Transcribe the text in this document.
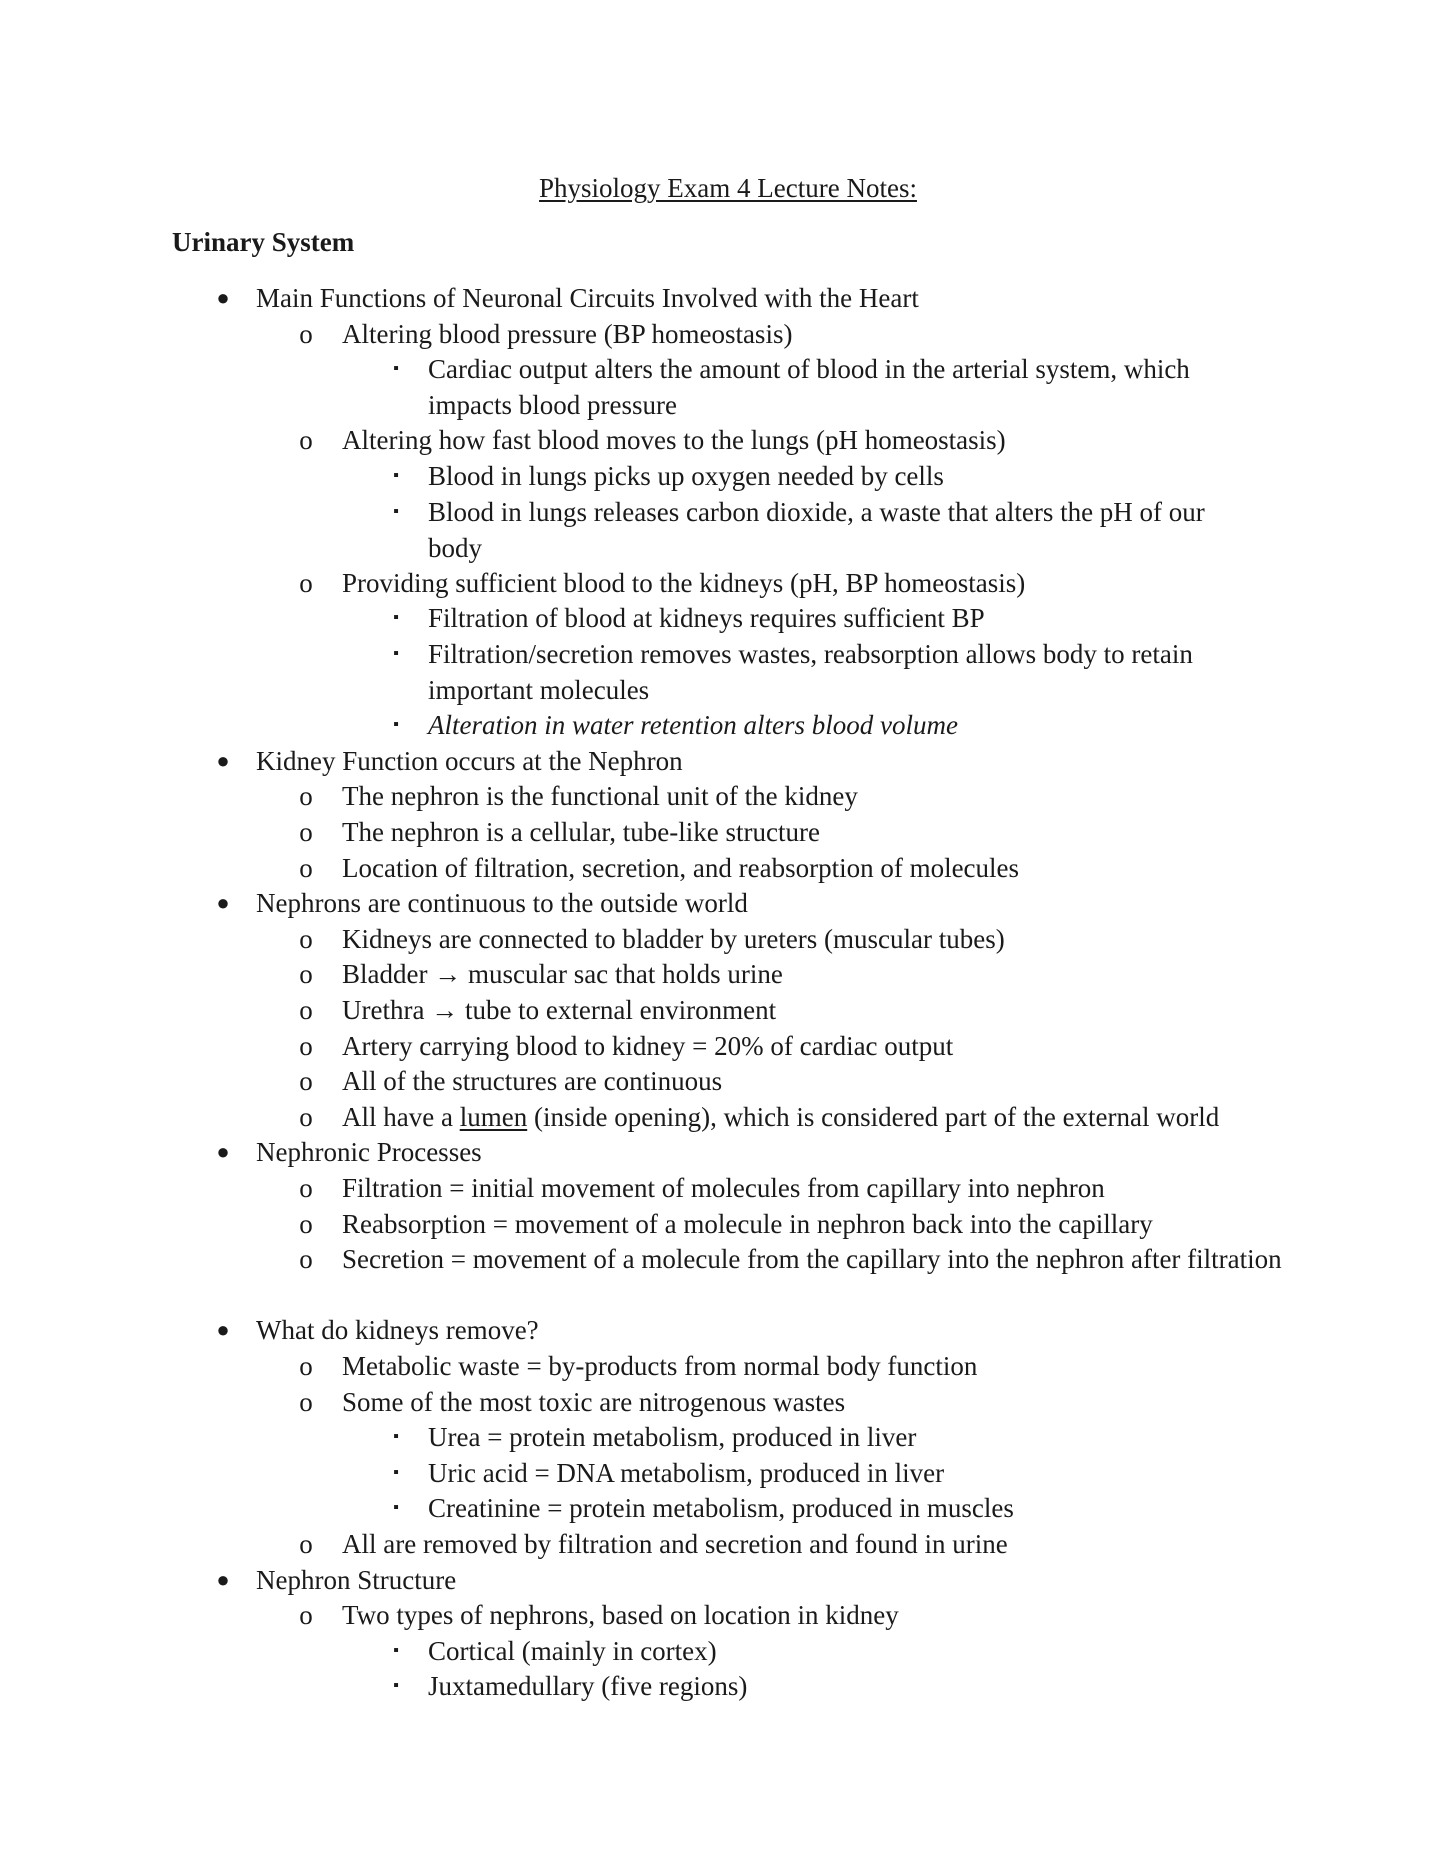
Physiology Exam 4 Lecture Notes:
Urinary System
● Main Functions of Neuronal Circuits Involved with the Heart
o	Altering blood pressure (BP homeostasis)
▪	Cardiac output alters the amount of blood in the arterial system, which impacts blood pressure
o	Altering how fast blood moves to the lungs (pH homeostasis)
▪	Blood in lungs picks up oxygen needed by cells
▪	Blood in lungs releases carbon dioxide, a waste that alters the pH of our body
o	Providing sufficient blood to the kidneys (pH, BP homeostasis)
▪	Filtration of blood at kidneys requires sufficient BP
▪	Filtration/secretion removes wastes, reabsorption allows body to retain important molecules
▪	Alteration in water retention alters blood volume
● Kidney Function occurs at the Nephron
o	The nephron is the functional unit of the kidney
o	The nephron is a cellular, tube-like structure
o	Location of filtration, secretion, and reabsorption of molecules
● Nephrons are continuous to the outside world
o	Kidneys are connected to bladder by ureters (muscular tubes)
o	Bladder → muscular sac that holds urine
o	Urethra → tube to external environment
o	Artery carrying blood to kidney = 20% of cardiac output
o	All of the structures are continuous
o	All have a lumen (inside opening), which is considered part of the external world
● Nephronic Processes
o	Filtration = initial movement of molecules from capillary into nephron
o	Reabsorption = movement of a molecule in nephron back into the capillary
o	Secretion = movement of a molecule from the capillary into the nephron after filtration
● What do kidneys remove?
o	Metabolic waste = by-products from normal body function
o	Some of the most toxic are nitrogenous wastes
▪	Urea = protein metabolism, produced in liver
▪	Uric acid = DNA metabolism, produced in liver
▪	Creatinine = protein metabolism, produced in muscles
o	All are removed by filtration and secretion and found in urine
● Nephron Structure
o	Two types of nephrons, based on location in kidney
▪	Cortical (mainly in cortex)
▪	Juxtamedullary (five regions)
